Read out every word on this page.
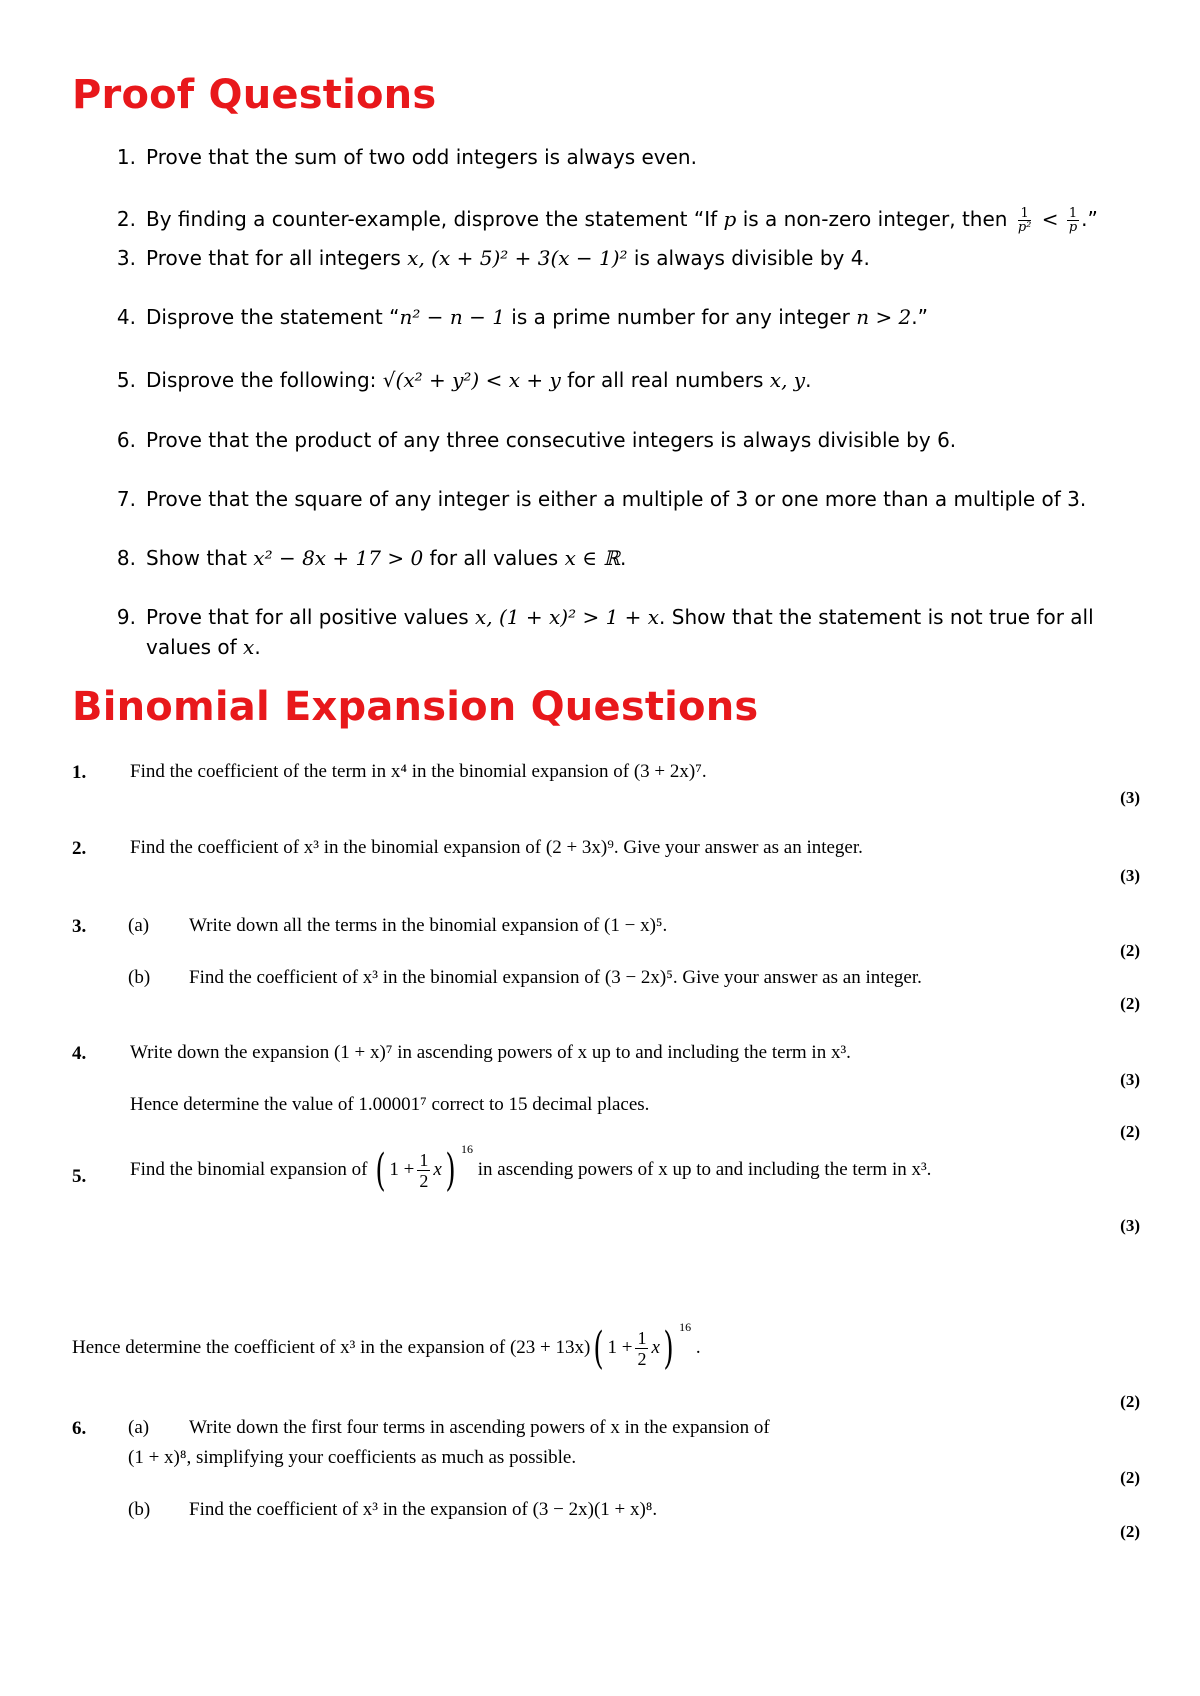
Proof Questions
1. Prove that the sum of two odd integers is always even.
2. By finding a counter-example, disprove the statement “If p is a non-zero integer, then $\frac{1}{\text{p²}} < \frac{1}{p}$ .”
3. Prove that for all integers x, (x + 5)² + 3(x − 1)² is always divisible by 4.
4. Disprove the statement “n² − n − 1 is a prime number for any integer n > 2.”
5. Disprove the following: √(x² + y²) < x + y for all real numbers x, y.
6. Prove that the product of any three consecutive integers is always divisible by 6.
7. Prove that the square of any integer is either a multiple of 3 or one more than a multiple of 3.
8. Show that x² − 8x + 17 > 0 for all values x ∈ ℝ.
9. Prove that for all positive values x, (1 + x)² > 1 + x. Show that the statement is not true for all values of x.
Binomial Expansion Questions
1. Find the coefficient of the term in x⁴ in the binomial expansion of (3 + 2x)⁷.
(3)
2. Find the coefficient of x³ in the binomial expansion of (2 + 3x)⁹. Give your answer as an integer.
(3)
3. (a) Write down all the terms in the binomial expansion of (1 − x)⁵.
(2)
(b) Find the coefficient of x³ in the binomial expansion of (3 − 2x)⁵. Give your answer as an integer.
(2)
4. Write down the expansion (1 + x)⁷ in ascending powers of x up to and including the term in x³.
(3)
Hence determine the value of 1.00001⁷ correct to 15 decimal places.
(2)
5. Find the binomial expansion of ( $1 + \frac{1}{2} x$) $^{16}$ in ascending powers of x up to and including the term in x³.
(3)
Hence determine the coefficient of x³ in the expansion of (23 + 13x)( $1 + \frac{1}{2} x$) $^{16}$ .
(2)
6. (a) Write down the first four terms in ascending powers of x in the expansion of
(1 + x)⁸, simplifying your coefficients as much as possible.
(2)
(b) Find the coefficient of x³ in the expansion of (3 − 2x)(1 + x)⁸.
(2)
